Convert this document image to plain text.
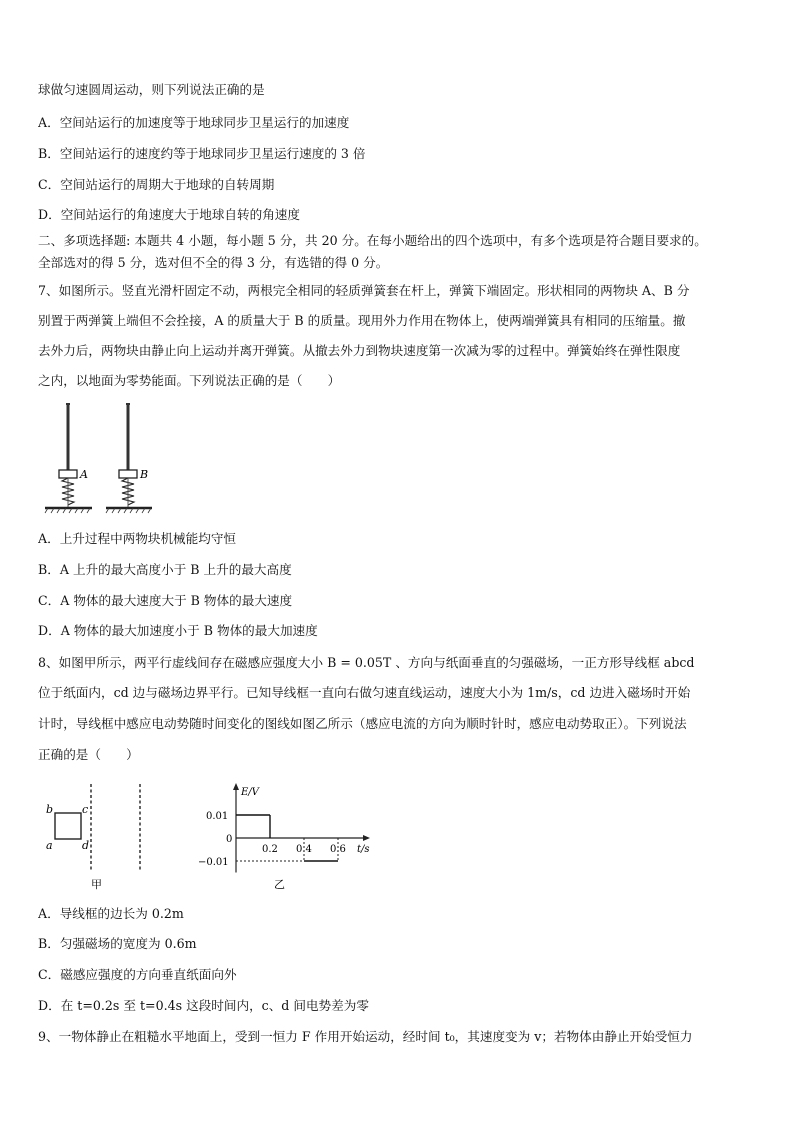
球做匀速圆周运动，则下列说法正确的是
A．空间站运行的加速度等于地球同步卫星运行的加速度
B．空间站运行的速度约等于地球同步卫星运行速度的 3 倍
C．空间站运行的周期大于地球的自转周期
D．空间站运行的角速度大于地球自转的角速度
二、多项选择题: 本题共 4 小题，每小题 5 分，共 20 分。在每小题给出的四个选项中，有多个选项是符合题目要求的。
全部选对的得 5 分，选对但不全的得 3 分，有选错的得 0 分。
7、如图所示。竖直光滑杆固定不动，两根完全相同的轻质弹簧套在杆上，弹簧下端固定。形状相同的两物块 A、B 分
别置于两弹簧上端但不会拴接，A 的质量大于 B 的质量。现用外力作用在物体上，使两端弹簧具有相同的压缩量。撤
去外力后，两物块由静止向上运动并离开弹簧。从撤去外力到物块速度第一次减为零的过程中。弹簧始终在弹性限度
之内，以地面为零势能面。下列说法正确的是（　　）
A	B
A．上升过程中两物块机械能均守恒
B．A 上升的最大高度小于 B 上升的最大高度
C．A 物体的最大速度大于 B 物体的最大速度
D．A 物体的最大加速度小于 B 物体的最大加速度
8、如图甲所示，两平行虚线间存在磁感应强度大小 B = 0.05T 、方向与纸面垂直的匀强磁场，一正方形导线框 abcd
位于纸面内，cd 边与磁场边界平行。已知导线框一直向右做匀速直线运动，速度大小为 1m/s，cd 边进入磁场时开始
计时，导线框中感应电动势随时间变化的图线如图乙所示（感应电流的方向为顺时针时，感应电动势取正）。下列说法
正确的是（　　）
b	c
a	d
甲
E/V
t/s
0.01
0
−0.01
0.2 0.4 0.6
乙
A．导线框的边长为 0.2m
B．匀强磁场的宽度为 0.6m
C．磁感应强度的方向垂直纸面向外
D．在 t=0.2s 至 t=0.4s 这段时间内，c、d 间电势差为零
9、一物体静止在粗糙水平地面上，受到一恒力 F 作用开始运动，经时间 t₀，其速度变为 v；若物体由静止开始受恒力
